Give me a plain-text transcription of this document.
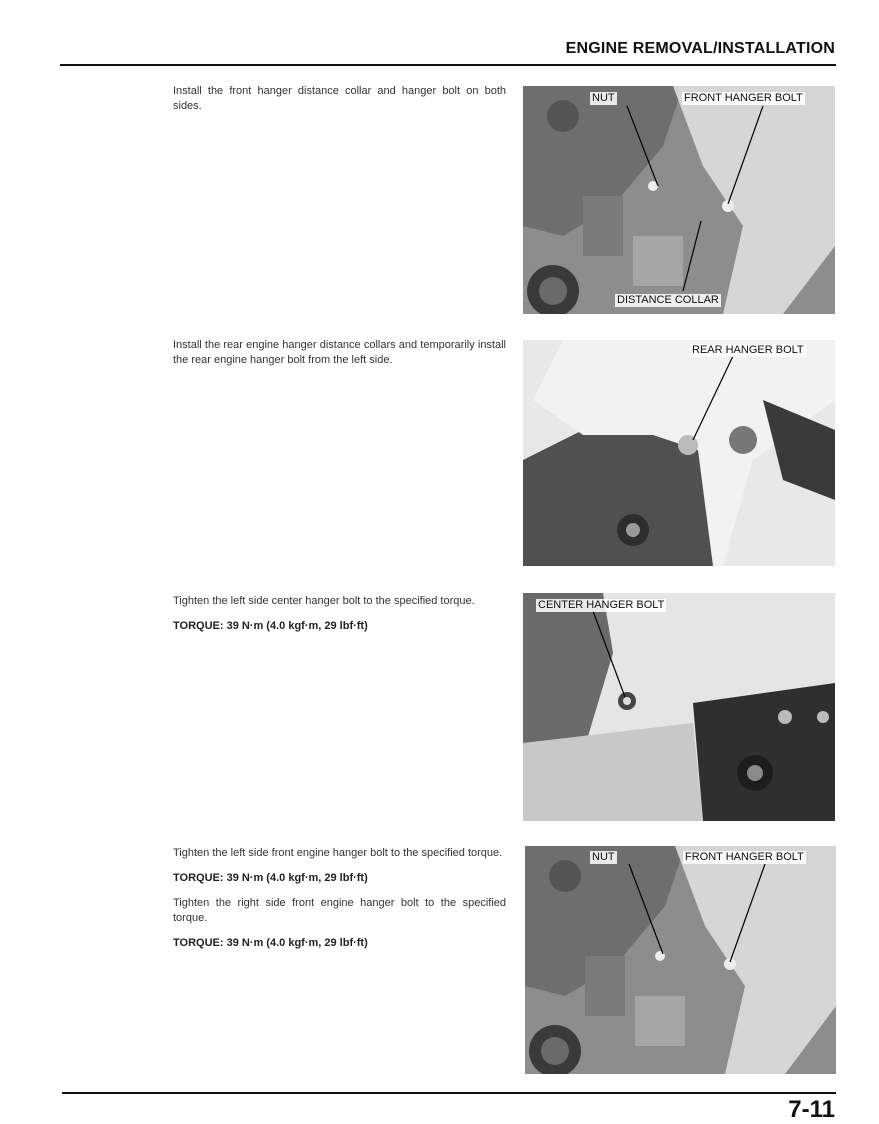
ENGINE REMOVAL/INSTALLATION

Install the front hanger distance collar and hanger bolt on both sides.

NUT	FRONT HANGER BOLT
DISTANCE COLLAR

Install the rear engine hanger distance collars and temporarily install the rear engine hanger bolt from the left side.

REAR HANGER BOLT

Tighten the left side center hanger bolt to the specified torque.

TORQUE: 39 N·m (4.0 kgf·m, 29 lbf·ft)

CENTER HANGER BOLT

Tighten the left side front engine hanger bolt to the specified torque.

TORQUE: 39 N·m (4.0 kgf·m, 29 lbf·ft)

Tighten the right side front engine hanger bolt to the specified torque.

TORQUE: 39 N·m (4.0 kgf·m, 29 lbf·ft)

NUT	FRONT HANGER BOLT
7-11
